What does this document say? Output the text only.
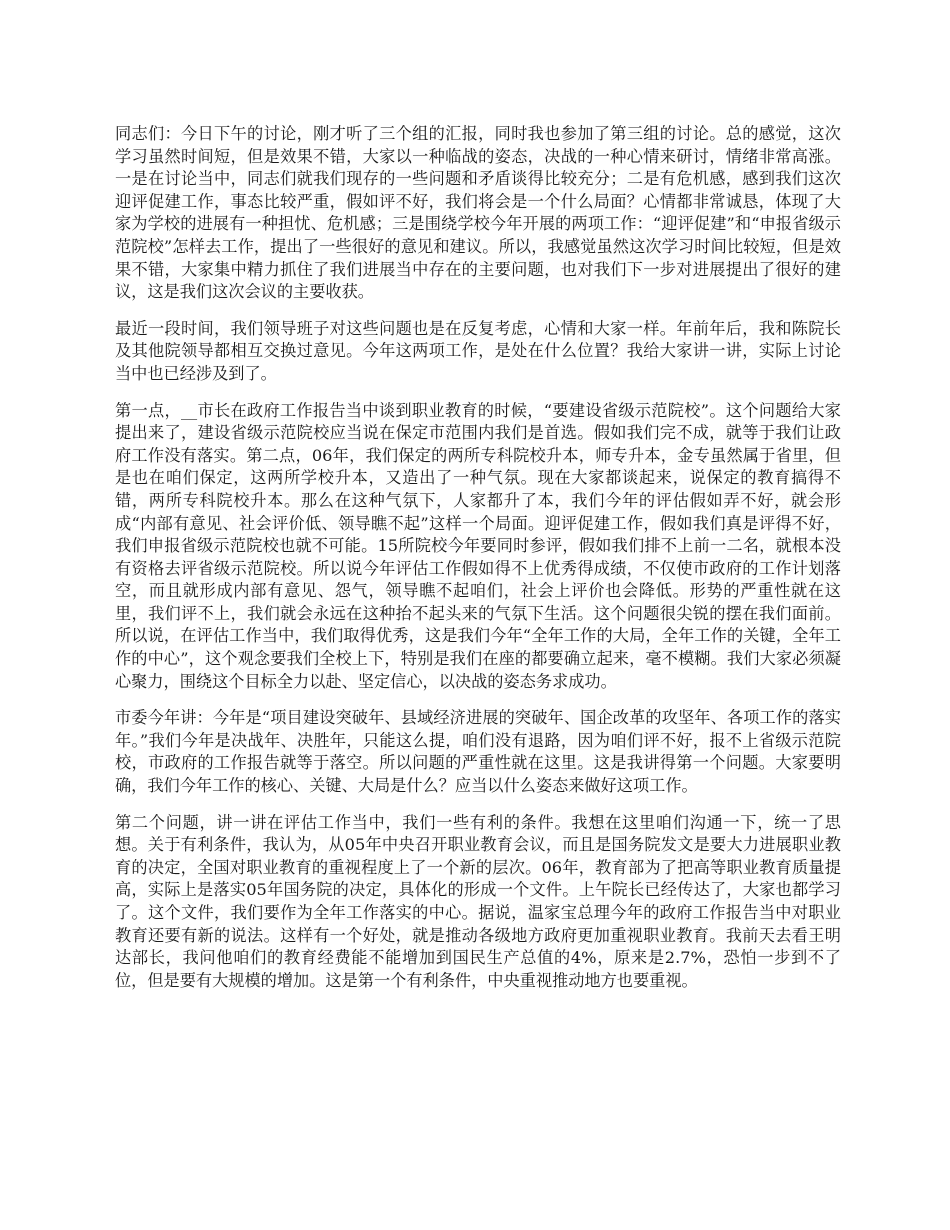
同志们：今日下午的讨论，刚才听了三个组的汇报，同时我也参加了第三组的讨论。总的感觉，这次学习虽然时间短，但是效果不错，大家以一种临战的姿态，决战的一种心情来研讨，情绪非常高涨。一是在讨论当中，同志们就我们现存的一些问题和矛盾谈得比较充分；二是有危机感，感到我们这次迎评促建工作，事态比较严重，假如评不好，我们将会是一个什么局面？心情都非常诚恳，体现了大家为学校的进展有一种担忧、危机感；三是围绕学校今年开展的两项工作：“迎评促建”和“申报省级示范院校”怎样去工作，提出了一些很好的意见和建议。所以，我感觉虽然这次学习时间比较短，但是效果不错，大家集中精力抓住了我们进展当中存在的主要问题，也对我们下一步对进展提出了很好的建议，这是我们这次会议的主要收获。

最近一段时间，我们领导班子对这些问题也是在反复考虑，心情和大家一样。年前年后，我和陈院长及其他院领导都相互交换过意见。今年这两项工作，是处在什么位置？我给大家讲一讲，实际上讨论当中也已经涉及到了。

第一点，__市长在政府工作报告当中谈到职业教育的时候，“要建设省级示范院校”。这个问题给大家提出来了，建设省级示范院校应当说在保定市范围内我们是首选。假如我们完不成，就等于我们让政府工作没有落实。第二点，06年，我们保定的两所专科院校升本，师专升本，金专虽然属于省里，但是也在咱们保定，这两所学校升本，又造出了一种气氛。现在大家都谈起来，说保定的教育搞得不错，两所专科院校升本。那么在这种气氛下，人家都升了本，我们今年的评估假如弄不好，就会形成“内部有意见、社会评价低、领导瞧不起”这样一个局面。迎评促建工作，假如我们真是评得不好，我们申报省级示范院校也就不可能。15所院校今年要同时参评，假如我们排不上前一二名，就根本没有资格去评省级示范院校。所以说今年评估工作假如得不上优秀得成绩，不仅使市政府的工作计划落空，而且就形成内部有意见、怨气，领导瞧不起咱们，社会上评价也会降低。形势的严重性就在这里，我们评不上，我们就会永远在这种抬不起头来的气氛下生活。这个问题很尖锐的摆在我们面前。所以说，在评估工作当中，我们取得优秀，这是我们今年“全年工作的大局，全年工作的关键，全年工作的中心”，这个观念要我们全校上下，特别是我们在座的都要确立起来，毫不模糊。我们大家必须凝心聚力，围绕这个目标全力以赴、坚定信心，以决战的姿态务求成功。

市委今年讲：今年是“项目建设突破年、县域经济进展的突破年、国企改革的攻坚年、各项工作的落实年。”我们今年是决战年、决胜年，只能这么提，咱们没有退路，因为咱们评不好，报不上省级示范院校，市政府的工作报告就等于落空。所以问题的严重性就在这里。这是我讲得第一个问题。大家要明确，我们今年工作的核心、关键、大局是什么？应当以什么姿态来做好这项工作。

第二个问题，讲一讲在评估工作当中，我们一些有利的条件。我想在这里咱们沟通一下，统一了思想。关于有利条件，我认为，从05年中央召开职业教育会议，而且是国务院发文是要大力进展职业教育的决定，全国对职业教育的重视程度上了一个新的层次。06年，教育部为了把高等职业教育质量提高，实际上是落实05年国务院的决定，具体化的形成一个文件。上午院长已经传达了，大家也都学习了。这个文件，我们要作为全年工作落实的中心。据说，温家宝总理今年的政府工作报告当中对职业教育还要有新的说法。这样有一个好处，就是推动各级地方政府更加重视职业教育。我前天去看王明达部长，我问他咱们的教育经费能不能增加到国民生产总值的4%，原来是2.7%，恐怕一步到不了位，但是要有大规模的增加。这是第一个有利条件，中央重视推动地方也要重视。
